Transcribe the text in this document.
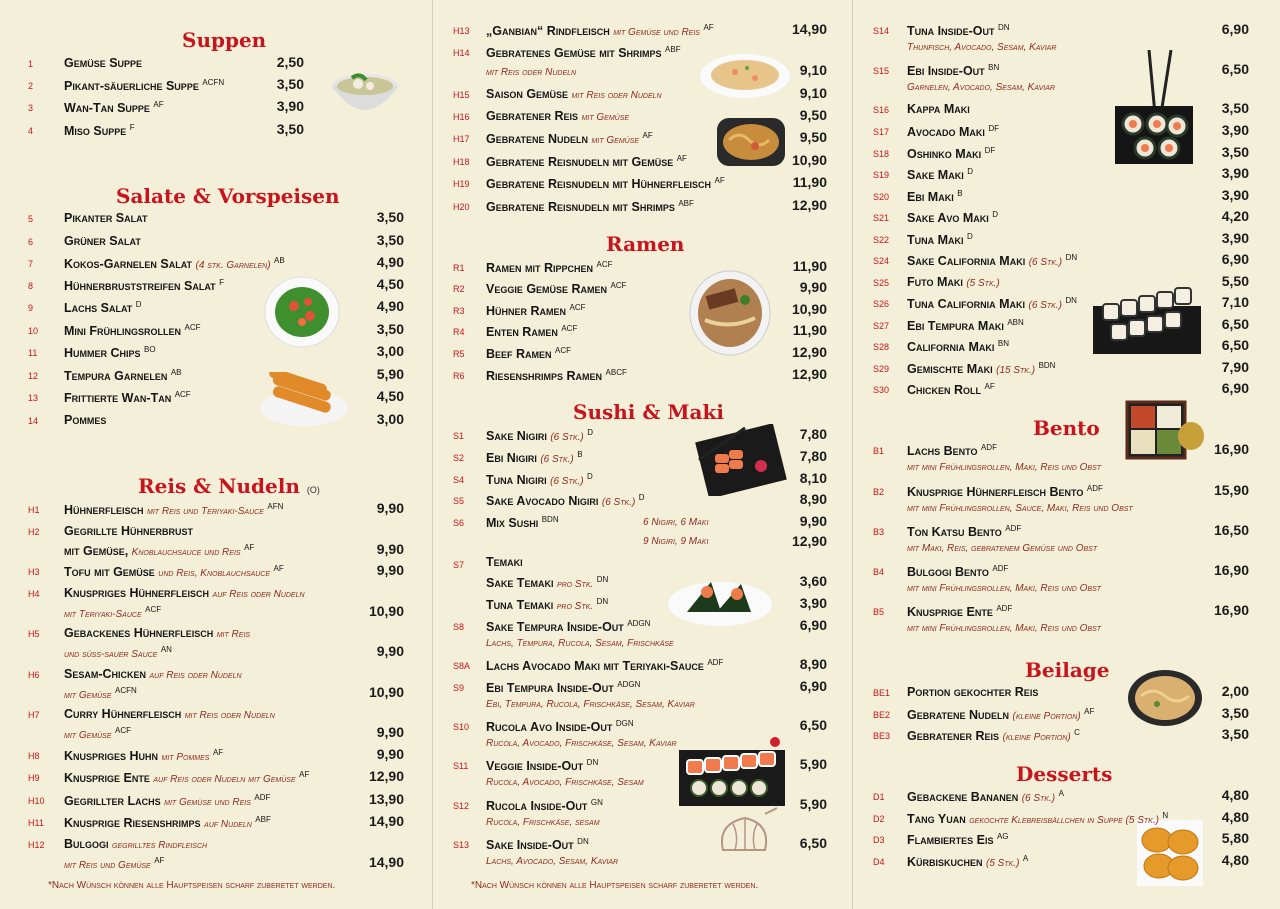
Suppen
1 Gemüse Suppe	2,50
2 Pikant-säuerliche Suppe $^{ACFN}$	3,50
3 Wan-Tan Suppe $^{AF}$	3,90
4 Miso Suppe $^F$	3,50
Salate & Vorspeisen
5 Pikanter Salat	3,50
6 Grüner Salat	3,50
7 Kokos-Garnelen Salat (4 stk. Garnelen) $^{AB}$	4,90
8 Hühnerbruststreifen Salat $^F$	4,50
9 Lachs Salat $^D$	4,90
10 Mini Frühlingsrollen $^{ACF}$	3,50
11 Hummer Chips $^{BO}$	3,00
12 Tempura Garnelen $^{AB}$	5,90
13 Frittierte Wan-Tan $^{ACF}$	4,50
14 Pommes	3,00
Reis & Nudeln (O)
H1 Hühnerfleisch mit Reis und Teriyaki-Sauce $^{AFN}$	9,90
H2 Gegrillte Hühnerbrust
mit Gemüse, Knoblauchsauce und Reis $^{AF}$	9,90
H3 Tofu mit Gemüse und Reis, Knoblauchsauce $^{AF}$	9,90
H4 Knuspriges Hühnerfleisch auf Reis oder Nudeln
mit Teriyaki-Sauce $^{ACF}$	10,90
H5 Gebackenes Hühnerfleisch mit Reis
und süss-sauer Sauce $^{AN}$	9,90
H6 Sesam-Chicken auf Reis oder Nudeln
mit Gemüse $^{ACFN}$	10,90
H7 Curry Hühnerfleisch mit Reis oder Nudeln
mit Gemüse $^{ACF}$	9,90
H8 Knuspriges Huhn mit Pommes $^{AF}$	9,90
H9 Knusprige Ente auf Reis oder Nudeln mit Gemüse $^{AF}$	12,90
H10 Gegrillter Lachs mit Gemüse und Reis $^{ADF}$	13,90
H11 Knusprige Riesenshrimps auf Nudeln $^{ABF}$	14,90
H12 Bulgogi gegrilltes Rindfleisch
mit Reis und Gemüse $^{AF}$	14,90
*Nach Wünsch können alle Hauptspeisen scharf zuberetet werden.
H13 „Ganbian“ Rindfleisch mit Gemüse und Reis $^{AF}$	14,90
H14 Gebratenes Gemüse mit Shrimps $^{ABF}$
mit Reis oder Nudeln	9,10
H15 Saison Gemüse mit Reis oder Nudeln	9,10
H16 Gebratener Reis mit Gemüse	9,50
H17 Gebratene Nudeln mit Gemüse $^{AF}$	9,50
H18 Gebratene Reisnudeln mit Gemüse $^{AF}$	10,90
H19 Gebratene Reisnudeln mit Hühnerfleisch $^{AF}$	11,90
H20 Gebratene Reisnudeln mit Shrimps $^{ABF}$	12,90
Ramen
R1 Ramen mit Rippchen $^{ACF}$	11,90
R2 Veggie Gemüse Ramen $^{ACF}$	9,90
R3 Hühner Ramen $^{ACF}$	10,90
R4 Enten Ramen $^{ACF}$	11,90
R5 Beef Ramen $^{ACF}$	12,90
R6 Riesenshrimps Ramen $^{ABCF}$	12,90
Sushi & Maki
S1 Sake Nigiri (6 Stk.) $^D$	7,80
S2 Ebi Nigiri (6 Stk.) $^B$	7,80
S4 Tuna Nigiri (6 Stk.) $^D$	8,10
S5 Sake Avocado Nigiri (6 Stk.) $^D$	8,90
S6 Mix Sushi $^{BDN}$	9,90
6 Nigiri, 6 Maki
9 Nigiri, 9 Maki	12,90
S7 Temaki
Sake Temaki pro Stk. $^{DN}$	3,60
Tuna Temaki pro Stk. $^{DN}$	3,90
S8 Sake Tempura Inside-Out $^{ADGN}$
Lachs, Tempura, Rucola, Sesam, Frischkäse
6,90
S8A Lachs Avocado Maki mit Teriyaki-Sauce $^{ADF}$	8,90
S9 Ebi Tempura Inside-Out $^{ADGN}$
Ebi, Tempura, Rucola, Frischkäse, Sesam, Kaviar
6,90
S10 Rucola Avo Inside-Out $^{DGN}$
Rucola, Avocado, Frischkäse, Sesam, Kaviar
6,50
S11 Veggie Inside-Out $^{DN}$
Rucola, Avocado, Frischkäse, Sesam
5,90
S12 Rucola Inside-Out $^{GN}$
Rucola, Frischkäse, sesam
5,90
S13 Sake Inside-Out $^{DN}$
Lachs, Avocado, Sesam, Kaviar
6,50
*Nach Wünsch können alle Hauptspeisen scharf zuberetet werden.
S14 Tuna Inside-Out $^{DN}$
Thunfisch, Avocado, Sesam, Kaviar
6,90
S15 Ebi Inside-Out $^{BN}$
Garnelen, Avocado, Sesam, Kaviar
6,50
S16 Kappa Maki	3,50
S17 Avocado Maki $^{DF}$	3,90
S18 Oshinko Maki $^{DF}$	3,50
S19 Sake Maki $^D$	3,90
S20 Ebi Maki $^B$	3,90
S21 Sake Avo Maki $^D$	4,20
S22 Tuna Maki $^D$	3,90
S24 Sake California Maki (6 Stk.) $^{DN}$	6,90
S25 Futo Maki (5 Stk.)	5,50
S26 Tuna California Maki (6 Stk.) $^{DN}$	7,10
S27 Ebi Tempura Maki $^{ABN}$	6,50
S28 California Maki $^{BN}$	6,50
S29 Gemischte Maki (15 Stk.) $^{BDN}$	7,90
S30 Chicken Roll $^{AF}$	6,90
Bento
B1 Lachs Bento $^{ADF}$
mit mini Frühlingsrollen, Maki, Reis und Obst
16,90
B2 Knusprige Hühnerfleisch Bento $^{ADF}$
mit mini Frühlingsrollen, Sauce, Maki, Reis und Obst
15,90
B3 Ton Katsu Bento $^{ADF}$
mit Maki, Reis, gebratenem Gemüse und Obst
16,50
B4 Bulgogi Bento $^{ADF}$
mit mini Frühlingsrollen, Maki, Reis und Obst
16,90
B5 Knusprige Ente $^{ADF}$
mit mini Frühlingsrollen, Maki, Reis und Obst
16,90
Beilage
BE1 Portion gekochter Reis	2,00
BE2 Gebratene Nudeln (kleine Portion) $^{AF}$	3,50
BE3 Gebratener Reis (kleine Portion) $^C$	3,50
Desserts
D1 Gebackene Bananen (6 Stk.) $^A$	4,80
D2 Tang Yuan gekochte Klebreisbällchen in Suppe (5 Stk.) $^N$	4,80
D3 Flambiertes Eis $^{AG}$	5,80
D4 Kürbiskuchen (5 Stk.) $^A$	4,80
